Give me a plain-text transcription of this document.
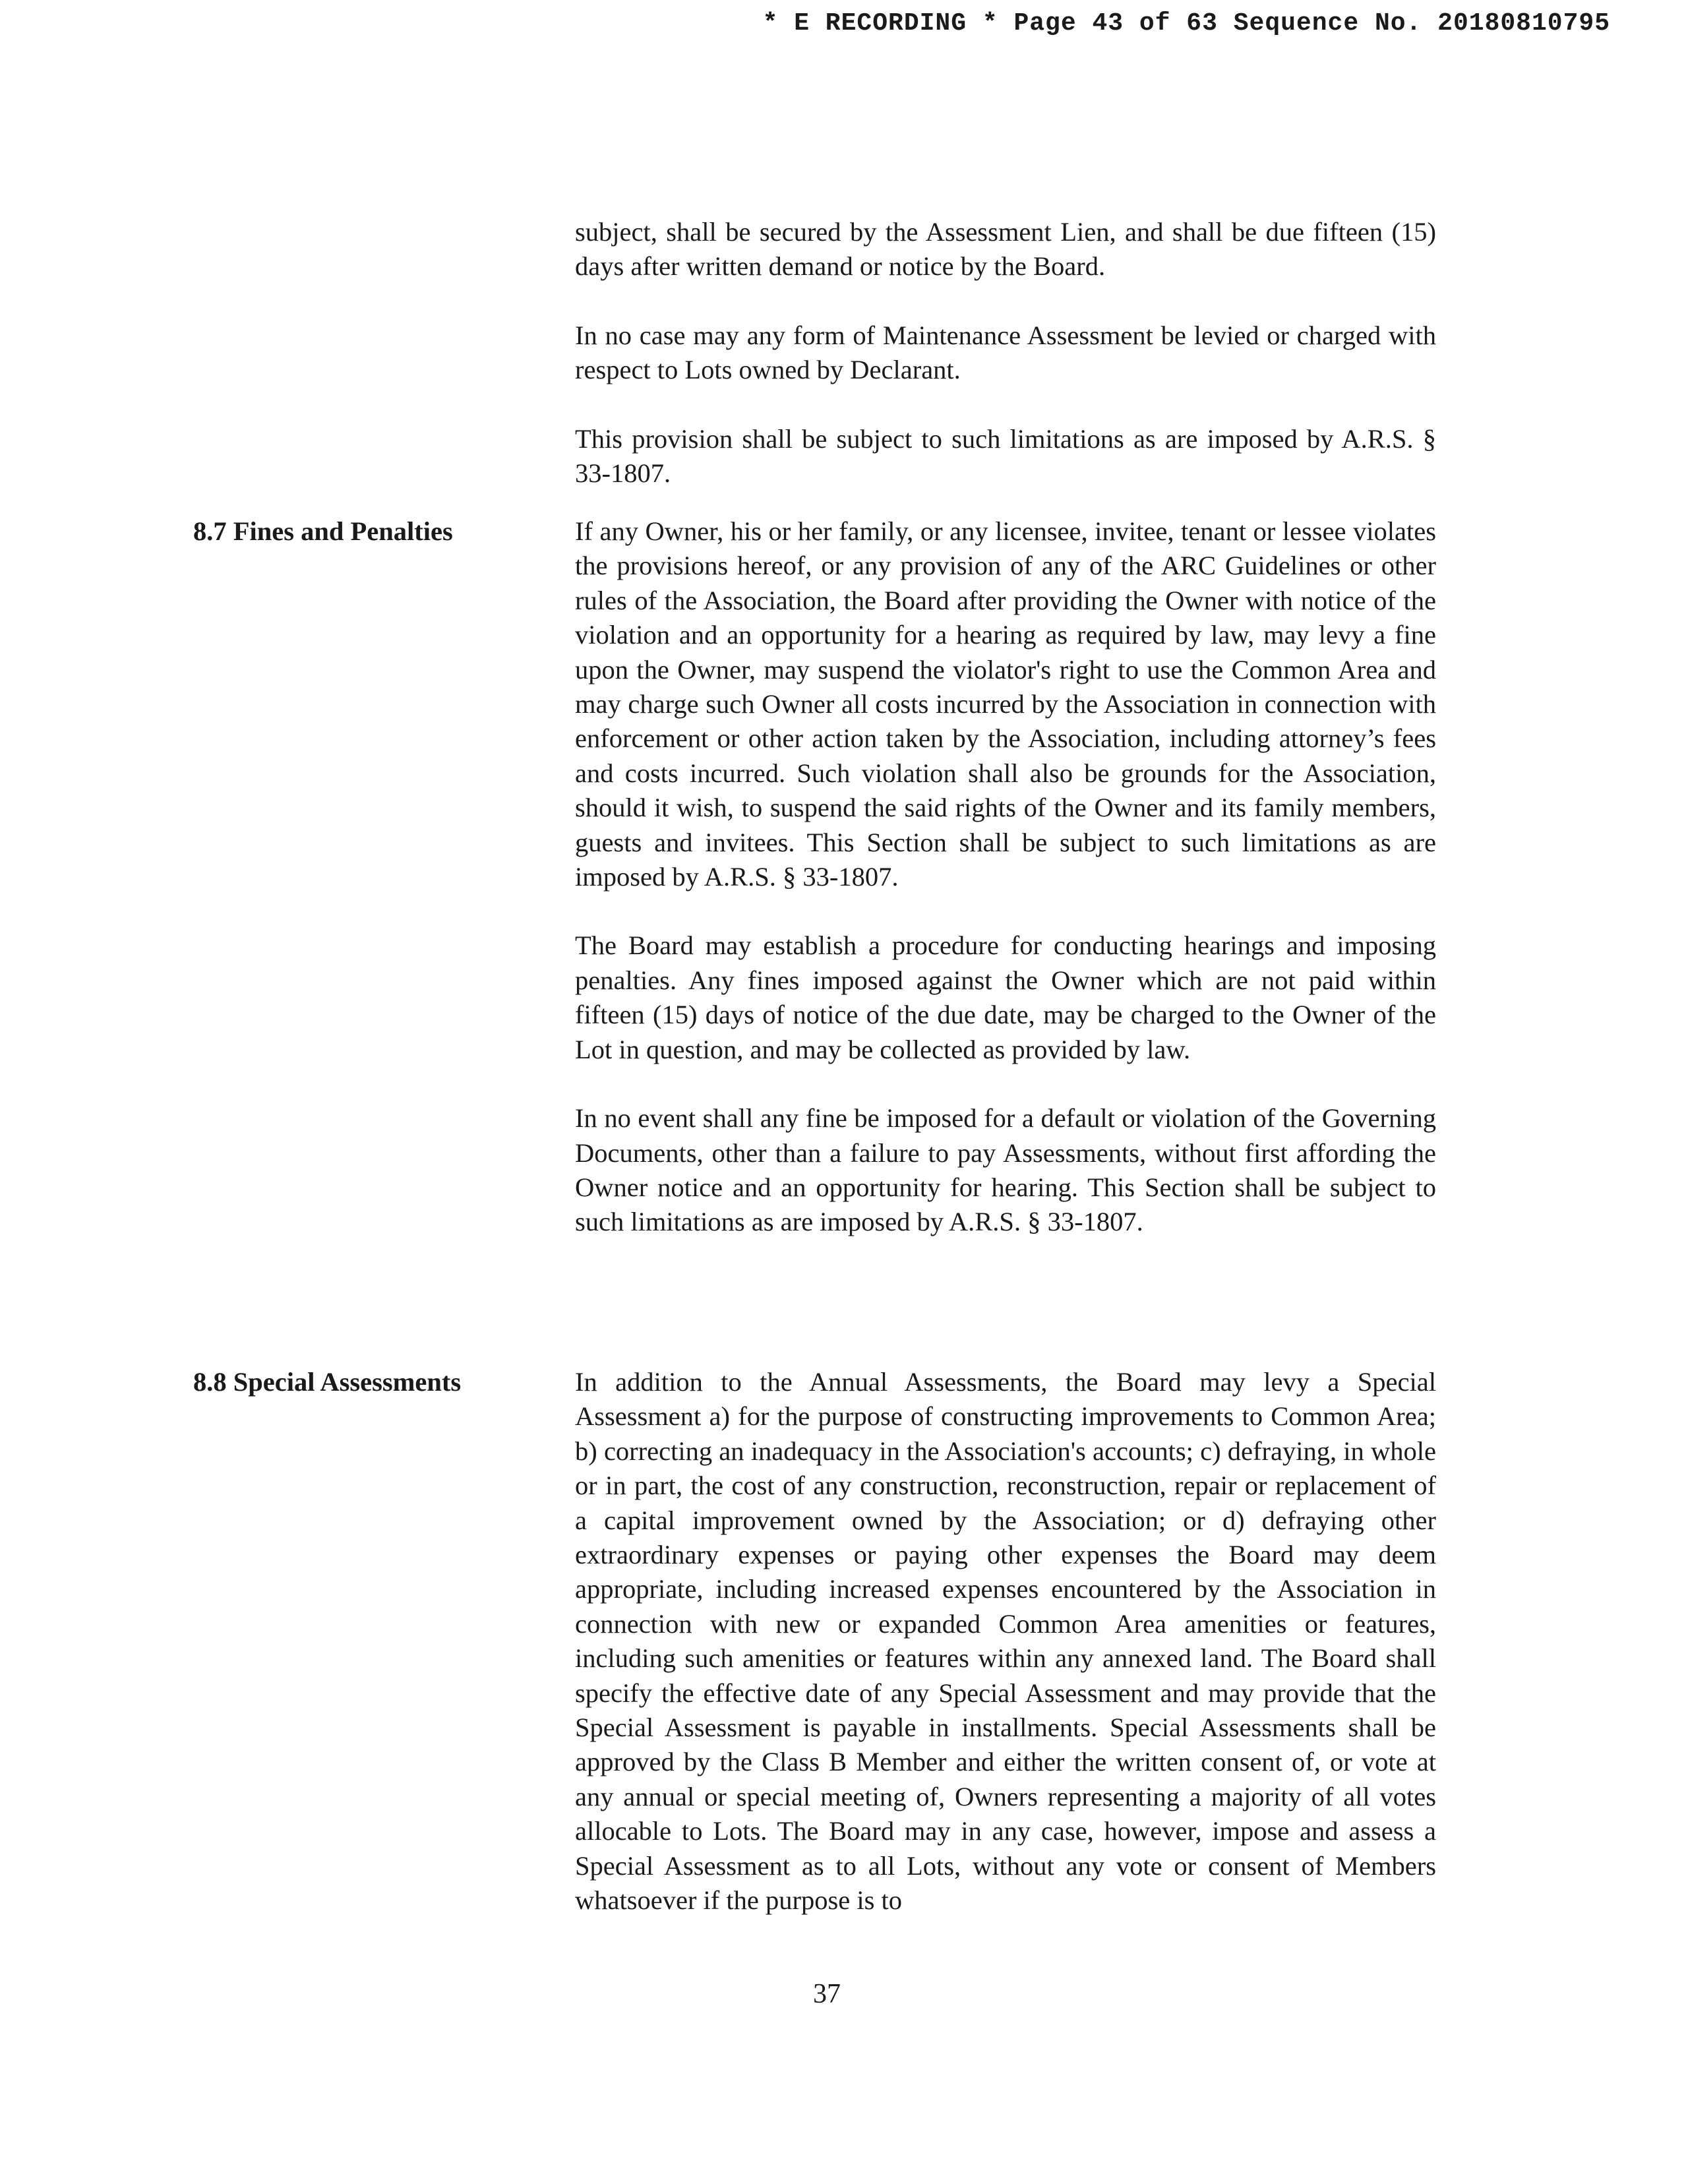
* E RECORDING * Page 43 of 63 Sequence No. 20180810795

subject, shall be secured by the Assessment Lien, and shall be due fifteen (15) days after written demand or notice by the Board.

In no case may any form of Maintenance Assessment be levied or charged with respect to Lots owned by Declarant.

This provision shall be subject to such limitations as are imposed by A.R.S. § 33-1807.

8.7 Fines and Penalties	If any Owner, his or her family, or any licensee, invitee, tenant or lessee violates the provisions hereof, or any provision of any of the ARC Guidelines or other rules of the Association, the Board after providing the Owner with notice of the violation and an opportunity for a hearing as required by law, may levy a fine upon the Owner, may suspend the violator's right to use the Common Area and may charge such Owner all costs incurred by the Association in connection with enforcement or other action taken by the Association, including attorney’s fees and costs incurred. Such violation shall also be grounds for the Association, should it wish, to suspend the said rights of the Owner and its family members, guests and invitees. This Section shall be subject to such limitations as are imposed by A.R.S. § 33-1807.

The Board may establish a procedure for conducting hearings and imposing penalties. Any fines imposed against the Owner which are not paid within fifteen (15) days of notice of the due date, may be charged to the Owner of the Lot in question, and may be collected as provided by law.

In no event shall any fine be imposed for a default or violation of the Governing Documents, other than a failure to pay Assessments, without first affording the Owner notice and an opportunity for hearing. This Section shall be subject to such limitations as are imposed by A.R.S. § 33-1807.

8.8 Special Assessments	In addition to the Annual Assessments, the Board may levy a Special Assessment a) for the purpose of constructing improvements to Common Area; b) correcting an inadequacy in the Association's accounts; c) defraying, in whole or in part, the cost of any construction, reconstruction, repair or replacement of a capital improvement owned by the Association; or d) defraying other extraordinary expenses or paying other expenses the Board may deem appropriate, including increased expenses encountered by the Association in connection with new or expanded Common Area amenities or features, including such amenities or features within any annexed land. The Board shall specify the effective date of any Special Assessment and may provide that the Special Assessment is payable in installments. Special Assessments shall be approved by the Class B Member and either the written consent of, or vote at any annual or special meeting of, Owners representing a majority of all votes allocable to Lots. The Board may in any case, however, impose and assess a Special Assessment as to all Lots, without any vote or consent of Members whatsoever if the purpose is to

37
